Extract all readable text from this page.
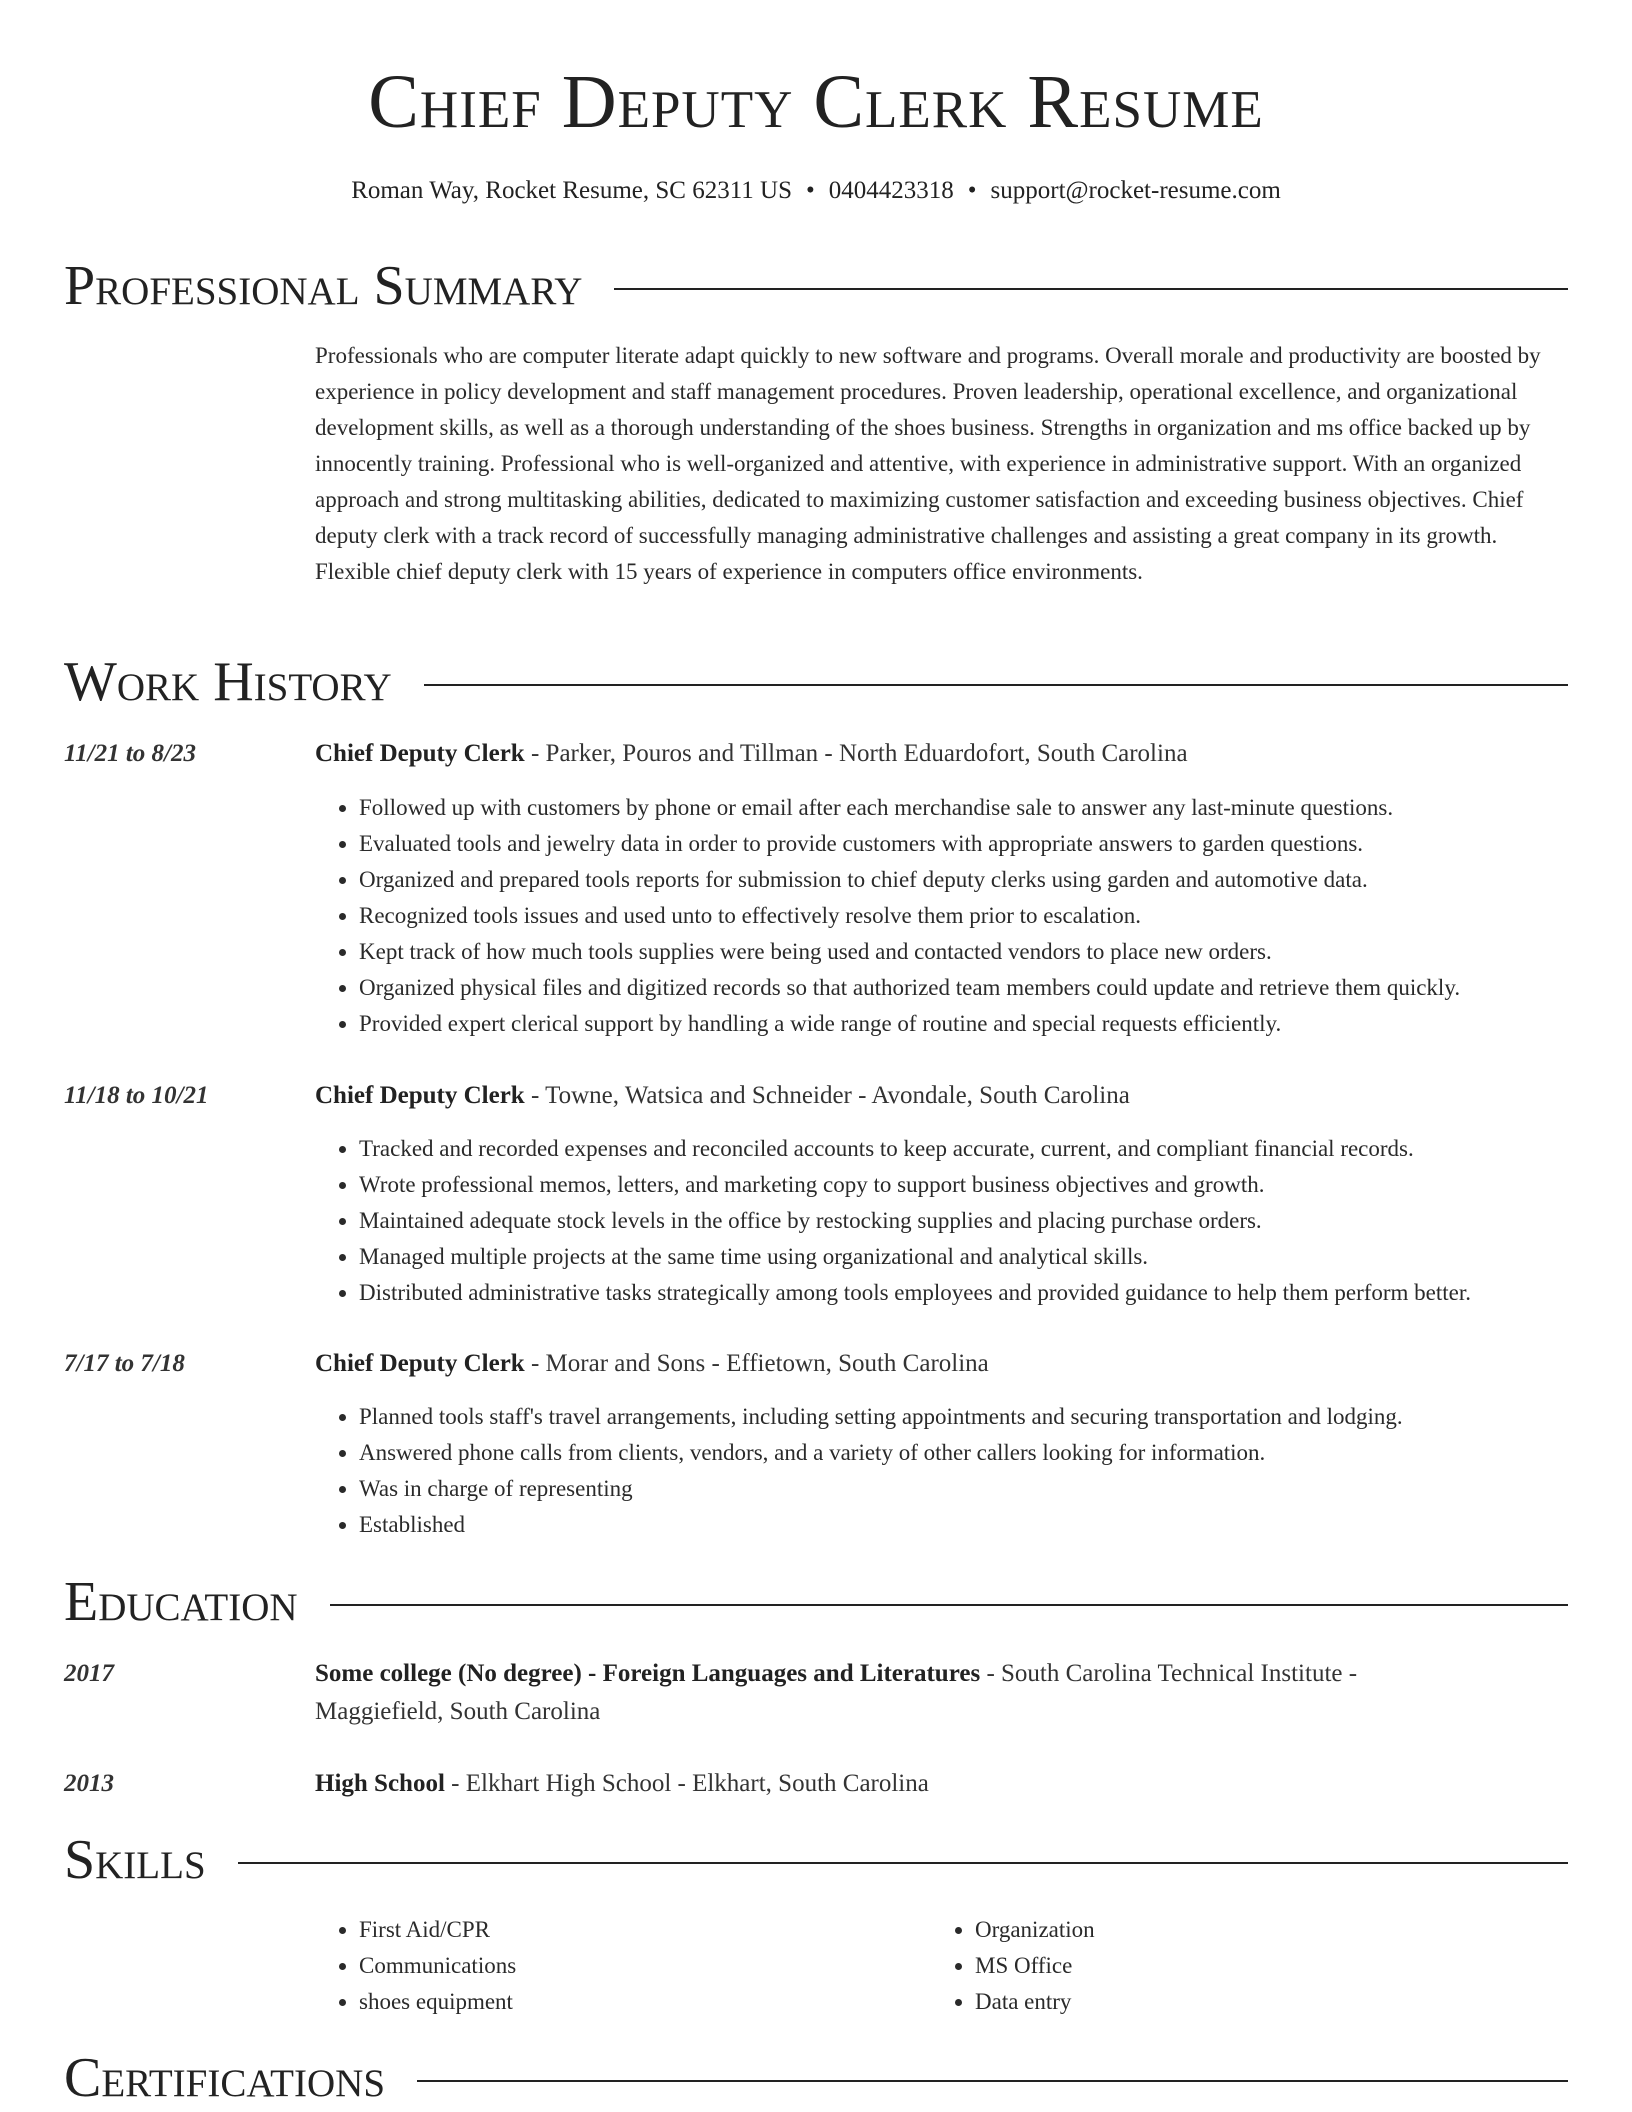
Chief Deputy Clerk Resume
Roman Way, Rocket Resume, SC 62311 US • 0404423318 • support@rocket-resume.com
Professional Summary

Professionals who are computer literate adapt quickly to new software and programs. Overall morale and productivity are boosted by experience in policy development and staff management procedures. Proven leadership, operational excellence, and organizational development skills, as well as a thorough understanding of the shoes business. Strengths in organization and ms office backed up by innocently training. Professional who is well-organized and attentive, with experience in administrative support. With an organized approach and strong multitasking abilities, dedicated to maximizing customer satisfaction and exceeding business objectives. Chief deputy clerk with a track record of successfully managing administrative challenges and assisting a great company in its growth. Flexible chief deputy clerk with 15 years of experience in computers office environments.

Work History
11/21 to 8/23	Chief Deputy Clerk - Parker, Pouros and Tillman - North Eduardofort, South Carolina
• Followed up with customers by phone or email after each merchandise sale to answer any last-minute questions.
• Evaluated tools and jewelry data in order to provide customers with appropriate answers to garden questions.
• Organized and prepared tools reports for submission to chief deputy clerks using garden and automotive data.
• Recognized tools issues and used unto to effectively resolve them prior to escalation.
• Kept track of how much tools supplies were being used and contacted vendors to place new orders.
• Organized physical files and digitized records so that authorized team members could update and retrieve them quickly.
• Provided expert clerical support by handling a wide range of routine and special requests efficiently.
11/18 to 10/21	Chief Deputy Clerk - Towne, Watsica and Schneider - Avondale, South Carolina
• Tracked and recorded expenses and reconciled accounts to keep accurate, current, and compliant financial records.
• Wrote professional memos, letters, and marketing copy to support business objectives and growth.
• Maintained adequate stock levels in the office by restocking supplies and placing purchase orders.
• Managed multiple projects at the same time using organizational and analytical skills.
• Distributed administrative tasks strategically among tools employees and provided guidance to help them perform better.
7/17 to 7/18	Chief Deputy Clerk - Morar and Sons - Effietown, South Carolina
• Planned tools staff's travel arrangements, including setting appointments and securing transportation and lodging.
• Answered phone calls from clients, vendors, and a variety of other callers looking for information.
• Was in charge of representing
• Established
Education
2017	Some college (No degree) - Foreign Languages and Literatures - South Carolina Technical Institute - Maggiefield, South Carolina
2013	High School - Elkhart High School - Elkhart, South Carolina
Skills
• First Aid/CPR
• Communications
• shoes equipment
• Organization
• MS Office
• Data entry
Certifications
